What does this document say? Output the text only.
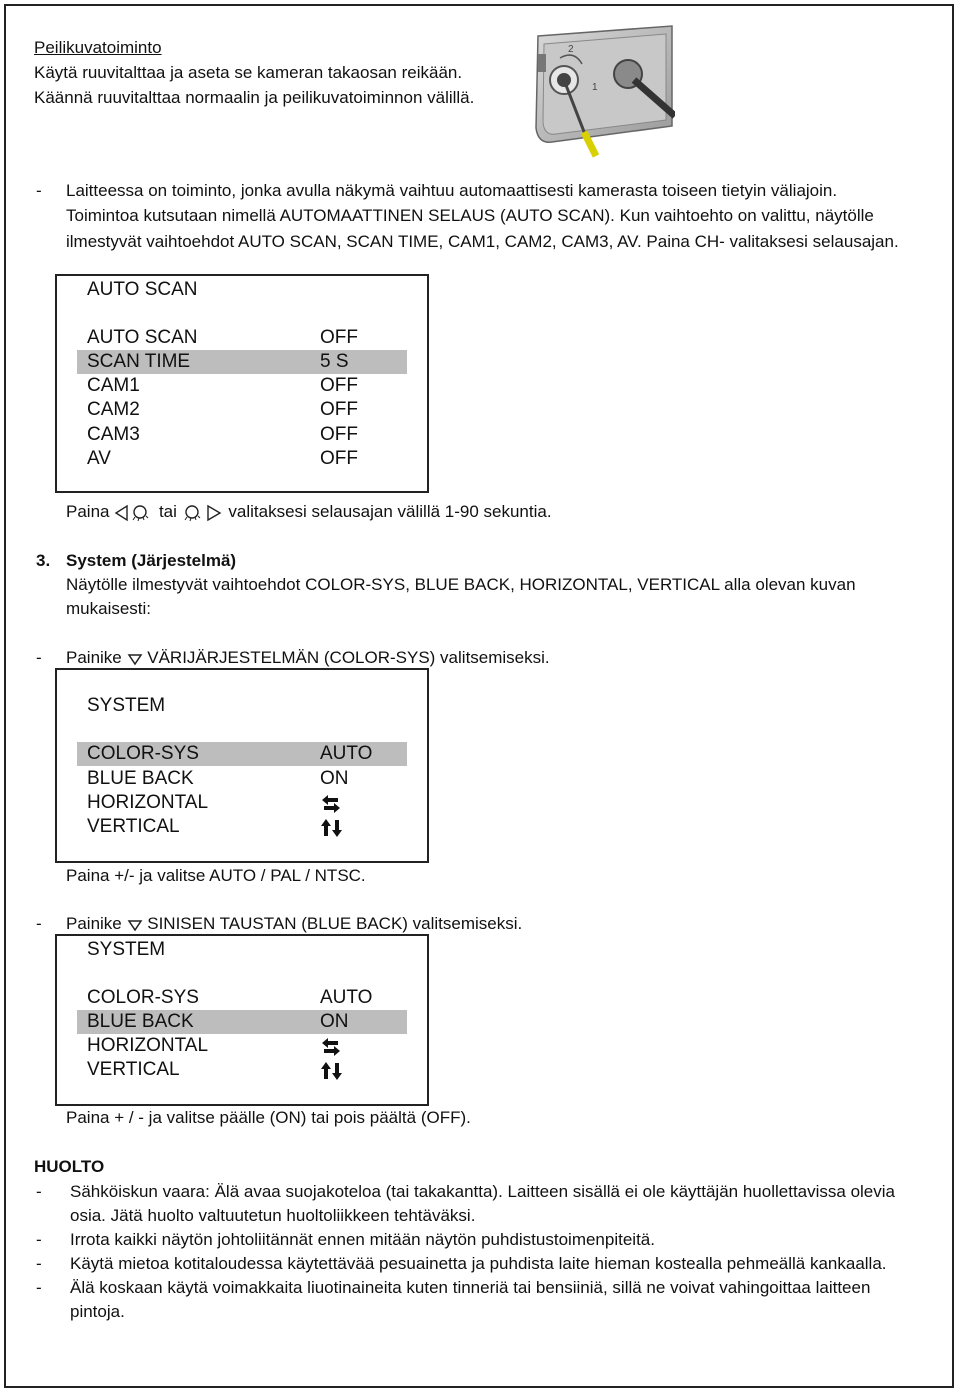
Peilikuvatoiminto
Käytä ruuvitalttaa ja aseta se kameran takaosan reikään.
Käännä ruuvitalttaa normaalin ja peilikuvatoiminnon välillä.
2
1
- Laitteessa on toiminto, jonka avulla näkymä vaihtuu automaattisesti kamerasta toiseen tietyin väliajoin.
Toimintoa kutsutaan nimellä AUTOMAATTINEN SELAUS (AUTO SCAN). Kun vaihtoehto on valittu, näytölle
ilmestyvät vaihtoehdot AUTO SCAN, SCAN TIME, CAM1, CAM2, CAM3, AV. Paina CH- valitaksesi selausajan.
AUTO SCAN
AUTO SCAN	OFF
SCAN TIME	5 S
CAM1	OFF
CAM2	OFF
CAM3	OFF
AV	OFF
Paina	tai	valitaksesi selausajan välillä 1-90 sekuntia.
3. System (Järjestelmä)
Näytölle ilmestyvät vaihtoehdot COLOR-SYS, BLUE BACK, HORIZONTAL, VERTICAL alla olevan kuvan
mukaisesti:
- Painike VÄRIJÄRJESTELMÄN (COLOR-SYS) valitsemiseksi.
SYSTEM
COLOR-SYS	AUTO
BLUE BACK	ON
HORIZONTAL
VERTICAL
Paina +/- ja valitse AUTO / PAL / NTSC.
- Painike SINISEN TAUSTAN (BLUE BACK) valitsemiseksi.
SYSTEM
COLOR-SYS	AUTO
BLUE BACK	ON
HORIZONTAL
VERTICAL
Paina + / - ja valitse päälle (ON) tai pois päältä (OFF).
HUOLTO
- Sähköiskun vaara: Älä avaa suojakoteloa (tai takakantta). Laitteen sisällä ei ole käyttäjän huollettavissa olevia
osia. Jätä huolto valtuutetun huoltoliikkeen tehtäväksi.
- Irrota kaikki näytön johtoliitännät ennen mitään näytön puhdistustoimenpiteitä.
- Käytä mietoa kotitaloudessa käytettävää pesuainetta ja puhdista laite hieman kostealla pehmeällä kankaalla.
- Älä koskaan käytä voimakkaita liuotinaineita kuten tinneriä tai bensiiniä, sillä ne voivat vahingoittaa laitteen
pintoja.
